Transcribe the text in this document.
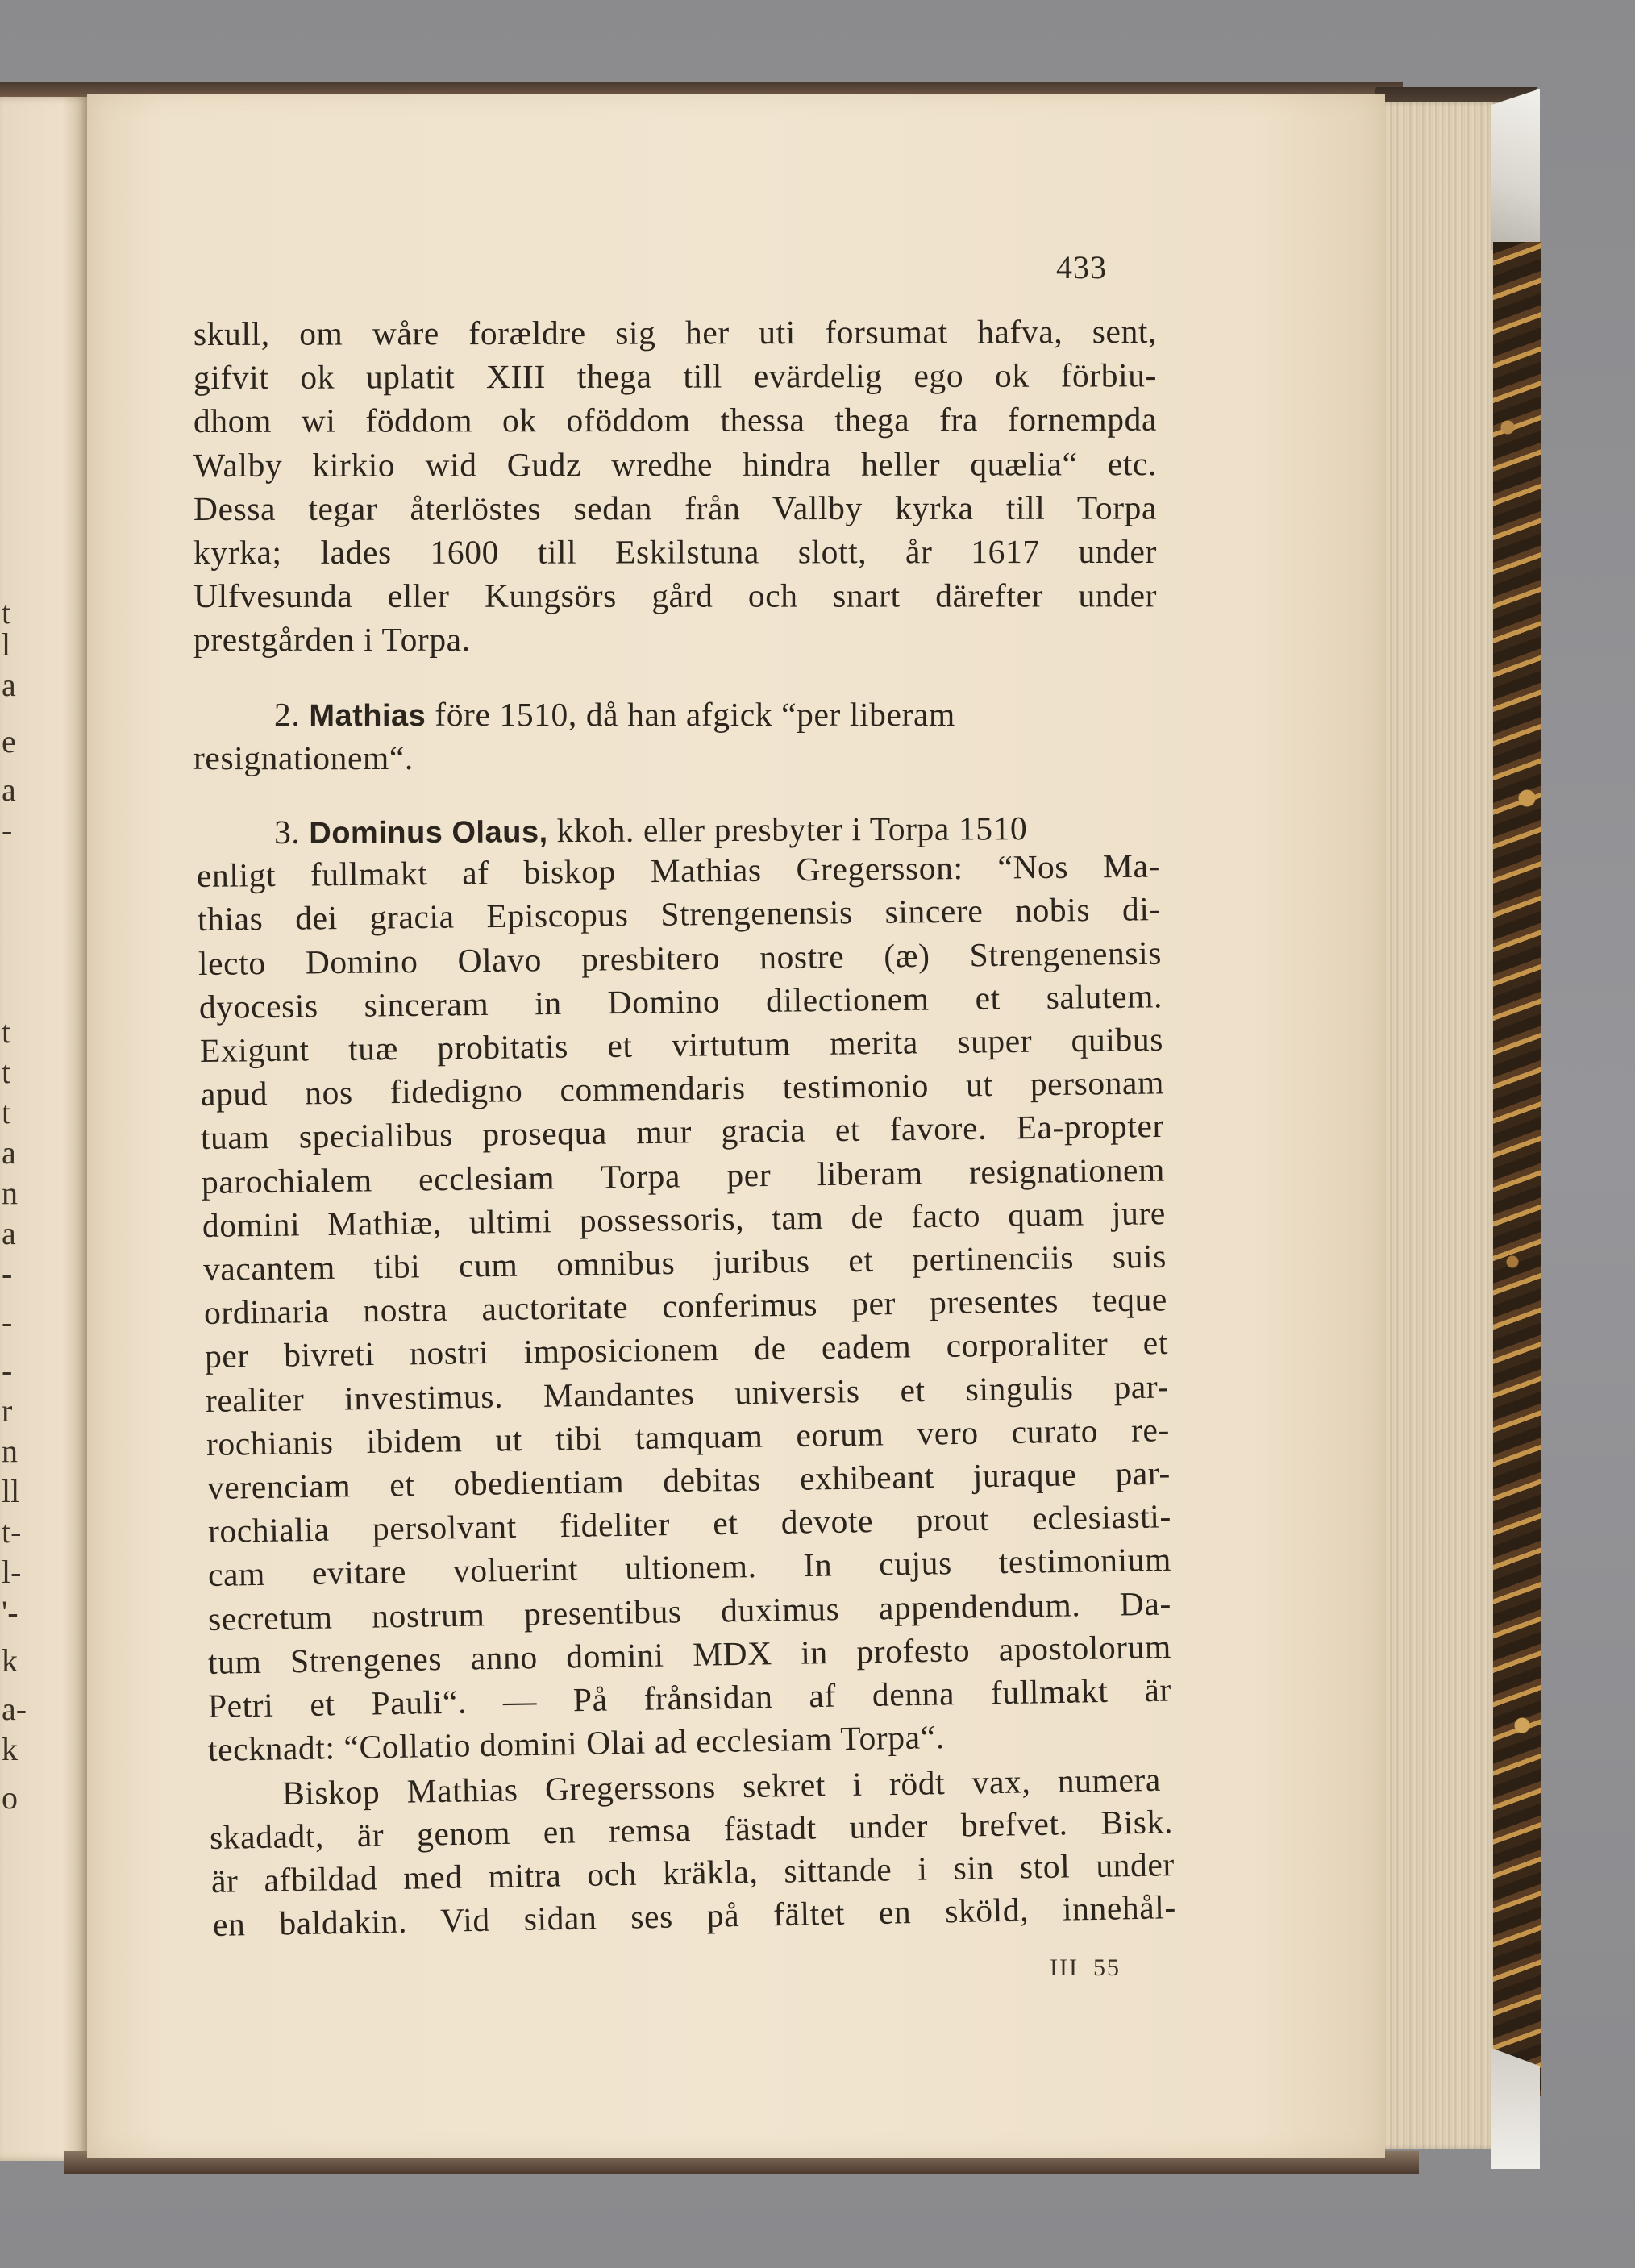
t
l
a
e
a
-
t
t
t
a
n
a
-
-
-
r
n
ll
t-
l-
'-
k
a-
k
o
433
skull, om wåre forældre sig her uti forsumat hafva, sent,
gifvit ok uplatit XIII thega till evärdelig ego ok förbiu-
dhom wi föddom ok oföddom thessa thega fra fornempda
Walby kirkio wid Gudz wredhe hindra heller quælia“ etc.
Dessa tegar återlöstes sedan från Vallby kyrka till Torpa
kyrka; lades 1600 till Eskilstuna slott, år 1617 under
Ulfvesunda eller Kungsörs gård och snart därefter under
prestgården i Torpa.
2. Mathias före 1510, då han afgick “per liberam
resignationem“.
3. Dominus Olaus, kkoh. eller presbyter i Torpa 1510
enligt fullmakt af biskop Mathias Gregersson: “Nos Ma-
thias dei gracia Episcopus Strengenensis sincere nobis di-
lecto Domino Olavo presbitero nostre (æ) Strengenensis
dyocesis sinceram in Domino dilectionem et salutem.
Exigunt tuæ probitatis et virtutum merita super quibus
apud nos fidedigno commendaris testimonio ut personam
tuam specialibus prosequa mur gracia et favore. Ea-propter
parochialem ecclesiam Torpa per liberam resignationem
domini Mathiæ, ultimi possessoris, tam de facto quam jure
vacantem tibi cum omnibus juribus et pertinenciis suis
ordinaria nostra auctoritate conferimus per presentes teque
per bivreti nostri imposicionem de eadem corporaliter et
realiter investimus. Mandantes universis et singulis par-
rochianis ibidem ut tibi tamquam eorum vero curato re-
verenciam et obedientiam debitas exhibeant juraque par-
rochialia persolvant fideliter et devote prout eclesiasti-
cam evitare voluerint ultionem. In cujus testimonium
secretum nostrum presentibus duximus appendendum. Da-
tum Strengenes anno domini MDX in profesto apostolorum
Petri et Pauli“. — På frånsidan af denna fullmakt är
tecknadt: “Collatio domini Olai ad ecclesiam Torpa“.
Biskop Mathias Gregerssons sekret i rödt vax, numera
skadadt, är genom en remsa fästadt under brefvet. Bisk.
är afbildad med mitra och kräkla, sittande i sin stol under
en baldakin. Vid sidan ses på fältet en sköld, innehål-
III 55
